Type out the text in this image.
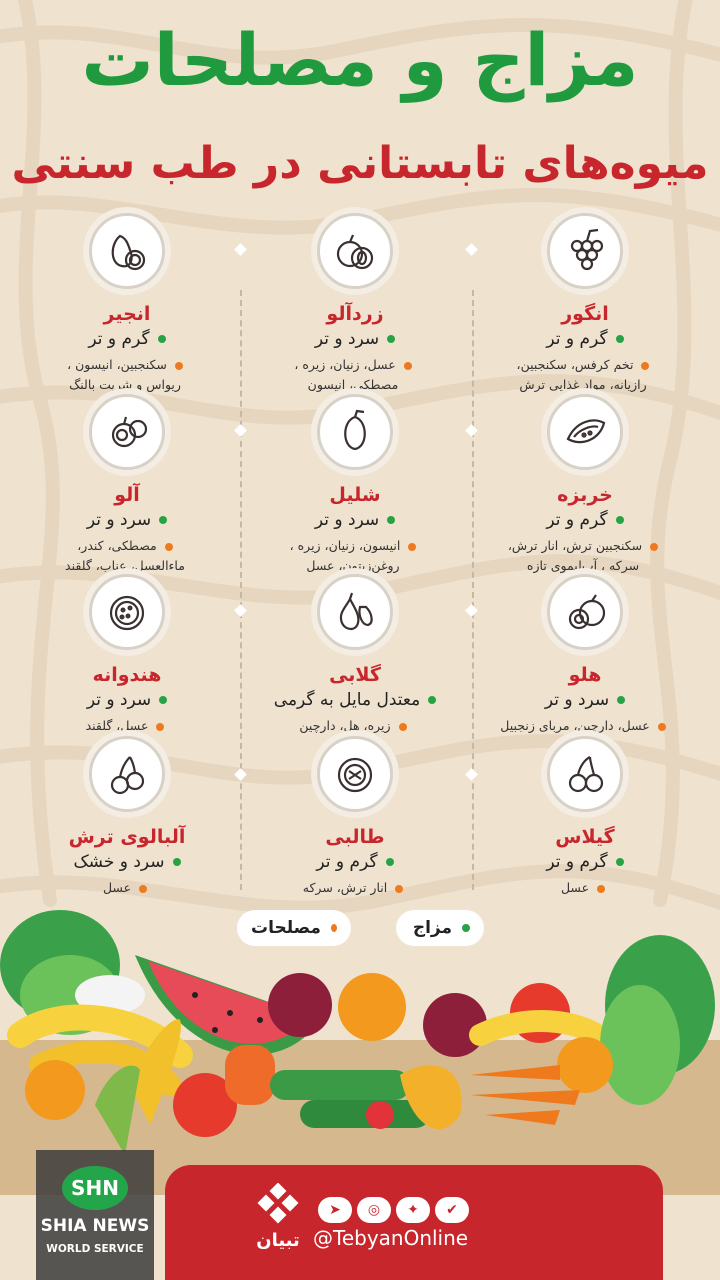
مزاج و مصلحات
میوه‌های تابستانی در طب سنتی
انگور
گرم و تر
تخم کرفس، سکنجبین،
رازیانه، مواد غذایی ترش
زردآلو
سرد و تر
عسل، زنیان، زیره ،
مصطکی، انیسون
انجیر
گرم و تر
سکنجبین، انیسون ،
ریواس و شربت بالنگ
خربزه
گرم و تر
سکنجبین ترش، انار ترش،
سرکه ، آب‌لیموی تازه
شلیل
سرد و تر
انیسون، زنیان، زیره ،
روغن‌زیتون، عسل
آلو
سرد و تر
مصطکی، کندر،
ماءالعسل، عناب، گلقند
هلو
سرد و تر
عسل، دارچین، مربای زنجبیل
گلابی
معتدل مایل به گرمی
زیره، هل، دارچین
هندوانه
سرد و تر
عسل، گلقند
گیلاس
گرم و تر
عسل
طالبی
گرم و تر
انار ترش، سرکه
آلبالوی ترش
سرد و خشک
عسل
مزاج
مصلحات
SHN
SHIA NEWS
WORLD SERVICE	تبیان
➤	◎	✦	✔
@TebyanOnline
